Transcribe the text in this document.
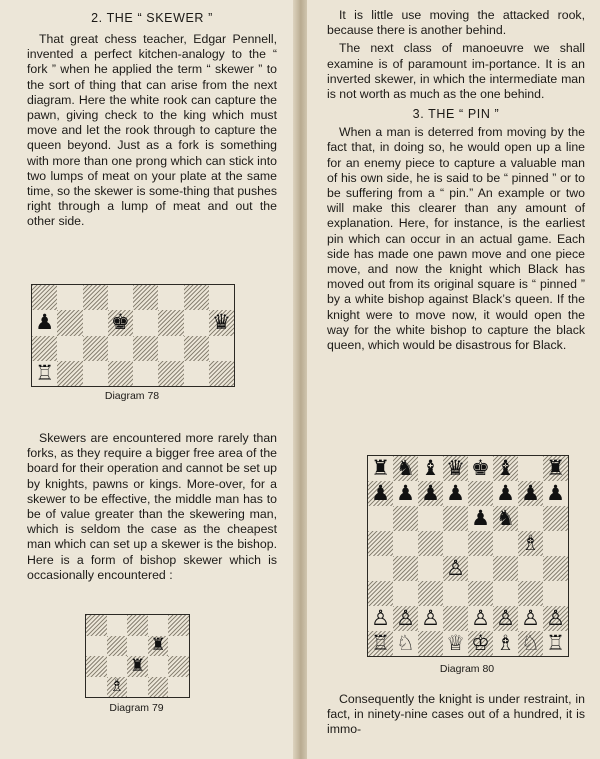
2. THE “ SKEWER ”

That great chess teacher, Edgar Pennell, invented a perfect kitchen-analogy to the “ fork ” when he applied the term “ skewer ” to the sort of thing that can arise from the next diagram. Here the white rook can capture the pawn, giving check to the king which must move and let the rook through to capture the queen beyond. Just as a fork is something with more than one prong which can stick into two lumps of meat on your plate at the same time, so the skewer is some-thing that pushes right through a lump of meat and out the other side.

♟	♚	♛
♖
Diagram 78

Skewers are encountered more rarely than forks, as they require a bigger free area of the board for their operation and cannot be set up by knights, pawns or kings. More-over, for a skewer to be effective, the middle man has to be of value greater than the skewering man, which is seldom the case as the cheapest man which can set up a skewer is the bishop. Here is a form of bishop skewer which is occasionally encountered :

♜
♜
♗
Diagram 79

It is little use moving the attacked rook, because there is another behind.

The next class of manoeuvre we shall examine is of paramount im-portance. It is an inverted skewer, in which the intermediate man is not worth as much as the one behind.

3. THE “ PIN ”

When a man is deterred from moving by the fact that, in doing so, he would open up a line for an enemy piece to capture a valuable man of his own side, he is said to be “ pinned ” or to be suffering from a “ pin.” An example or two will make this clearer than any amount of explanation. Here, for instance, is the earliest pin which can occur in an actual game. Each side has made one pawn move and one piece move, and now the knight which Black has moved out from its original square is “ pinned ” by a white bishop against Black’s queen. If the knight were to move now, it would open the way for the white bishop to capture the black queen, which would be disastrous for Black.

♜ ♞ ♝ ♛ ♚ ♝ ♜
♟ ♟ ♟ ♟ ♟ ♟ ♟
♟ ♞
♗
♙
♙ ♙ ♙ ♙ ♙ ♙ ♙
♖ ♘ ♕ ♔ ♗ ♘ ♖
Diagram 80

Consequently the knight is under restraint, in fact, in ninety-nine cases out of a hundred, it is immo-
